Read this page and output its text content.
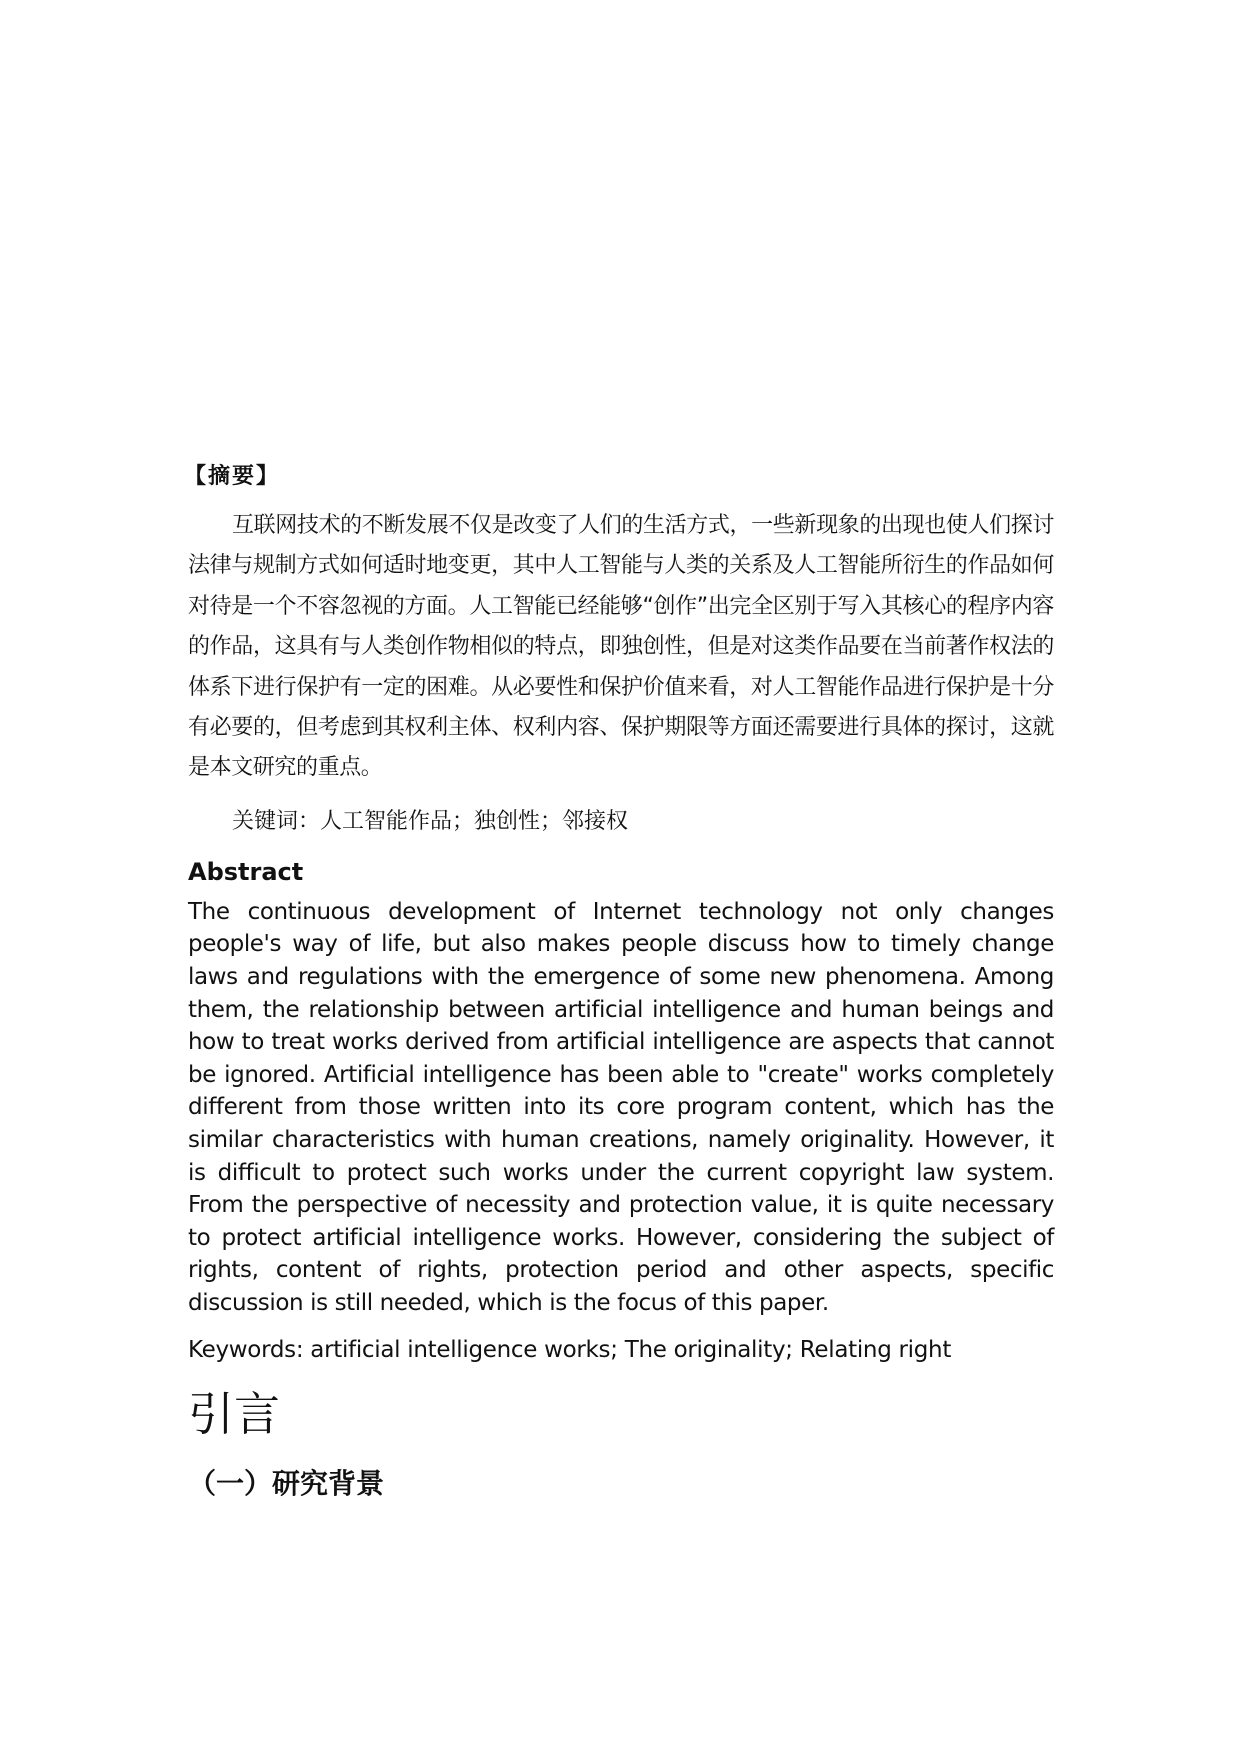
【摘要】

互联网技术的不断发展不仅是改变了人们的生活方式，一些新现象的出现也使人们探讨法律与规制方式如何适时地变更，其中人工智能与人类的关系及人工智能所衍生的作品如何对待是一个不容忽视的方面。人工智能已经能够“创作”出完全区别于写入其核心的程序内容的作品，这具有与人类创作物相似的特点，即独创性，但是对这类作品要在当前著作权法的体系下进行保护有一定的困难。从必要性和保护价值来看，对人工智能作品进行保护是十分有必要的，但考虑到其权利主体、权利内容、保护期限等方面还需要进行具体的探讨，这就是本文研究的重点。

关键词：人工智能作品；独创性；邻接权
Abstract

The continuous development of Internet technology not only changes people's way of life, but also makes people discuss how to timely change laws and regulations with the emergence of some new phenomena. Among them, the relationship between artificial intelligence and human beings and how to treat works derived from artificial intelligence are aspects that cannot be ignored. Artificial intelligence has been able to "create" works completely different from those written into its core program content, which has the similar characteristics with human creations, namely originality. However, it is difficult to protect such works under the current copyright law system. From the perspective of necessity and protection value, it is quite necessary to protect artificial intelligence works. However, considering the subject of rights, content of rights, protection period and other aspects, specific discussion is still needed, which is the focus of this paper.

Keywords: artificial intelligence works; The originality; Relating right
引言
（一）研究背景
